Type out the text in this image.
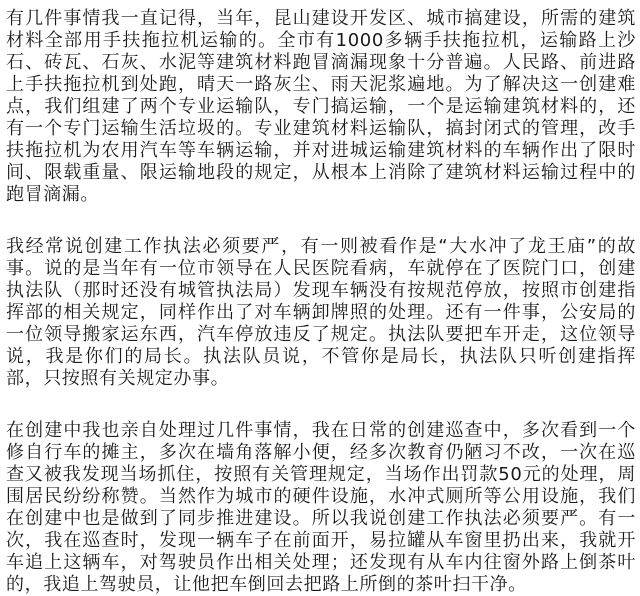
有几件事情我一直记得，当年，昆山建设开发区、城市搞建设，所需的建筑材料全部用手扶拖拉机运输的。全市有1000多辆手扶拖拉机，运输路上沙石、砖瓦、石灰、水泥等建筑材料跑冒滴漏现象十分普遍。人民路、前进路上手扶拖拉机到处跑，晴天一路灰尘、雨天泥浆遍地。为了解决这一创建难点，我们组建了两个专业运输队，专门搞运输，一个是运输建筑材料的，还有一个专门运输生活垃圾的。专业建筑材料运输队，搞封闭式的管理，改手扶拖拉机为农用汽车等车辆运输，并对进城运输建筑材料的车辆作出了限时间、限载重量、限运输地段的规定，从根本上消除了建筑材料运输过程中的跑冒滴漏。

我经常说创建工作执法必须要严，有一则被看作是“大水冲了龙王庙”的故事。说的是当年有一位市领导在人民医院看病，车就停在了医院门口，创建执法队（那时还没有城管执法局）发现车辆没有按规范停放，按照市创建指挥部的相关规定，同样作出了对车辆卸牌照的处理。还有一件事，公安局的一位领导搬家运东西，汽车停放违反了规定。执法队要把车开走，这位领导说，我是你们的局长。执法队员说，不管你是局长，执法队只听创建指挥部，只按照有关规定办事。

在创建中我也亲自处理过几件事情，我在日常的创建巡查中，多次看到一个修自行车的摊主，多次在墙角落解小便，经多次教育仍陋习不改，一次在巡查又被我发现当场抓住，按照有关管理规定，当场作出罚款50元的处理，周围居民纷纷称赞。当然作为城市的硬件设施，水冲式厕所等公用设施，我们在创建中也是做到了同步推进建设。所以我说创建工作执法必须要严。有一次，我在巡查时，发现一辆车子在前面开，易拉罐从车窗里扔出来，我就开车追上这辆车，对驾驶员作出相关处理；还发现有从车内往窗外路上倒茶叶的，我追上驾驶员，让他把车倒回去把路上所倒的茶叶扫干净。
